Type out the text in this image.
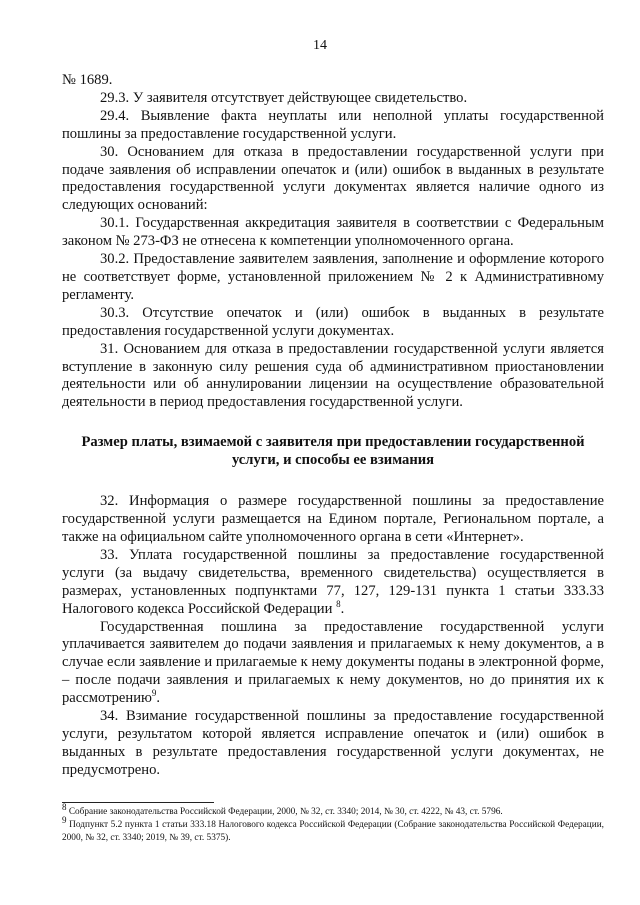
14

№ 1689.

29.3. У заявителя отсутствует действующее свидетельство.

29.4. Выявление факта неуплаты или неполной уплаты государственной пошлины за предоставление государственной услуги.

30. Основанием для отказа в предоставлении государственной услуги при подаче заявления об исправлении опечаток и (или) ошибок в выданных в результате предоставления государственной услуги документах является наличие одного из следующих оснований:

30.1. Государственная аккредитация заявителя в соответствии с Федеральным законом № 273-ФЗ не отнесена к компетенции уполномоченного органа.

30.2. Предоставление заявителем заявления, заполнение и оформление которого не соответствует форме, установленной приложением № 2 к Административному регламенту.

30.3. Отсутствие опечаток и (или) ошибок в выданных в результате предоставления государственной услуги документах.

31. Основанием для отказа в предоставлении государственной услуги является вступление в законную силу решения суда об административном приостановлении деятельности или об аннулировании лицензии на осуществление образовательной деятельности в период предоставления государственной услуги.

Размер платы, взимаемой с заявителя при предоставлении государственной услуги, и способы ее взимания

32. Информация о размере государственной пошлины за предоставление государственной услуги размещается на Едином портале, Региональном портале, а также на официальном сайте уполномоченного органа в сети «Интернет».

33. Уплата государственной пошлины за предоставление государственной услуги (за выдачу свидетельства, временного свидетельства) осуществляется в размерах, установленных подпунктами 77, 127, 129-131 пункта 1 статьи 333.33 Налогового кодекса Российской Федерации $^8$.

Государственная пошлина за предоставление государственной услуги уплачивается заявителем до подачи заявления и прилагаемых к нему документов, а в случае если заявление и прилагаемые к нему документы поданы в электронной форме, – после подачи заявления и прилагаемых к нему документов, но до принятия их к рассмотрению$^9$.

34. Взимание государственной пошлины за предоставление государственной услуги, результатом которой является исправление опечаток и (или) ошибок в выданных в результате предоставления государственной услуги документах, не предусмотрено.

$^8$ Собрание законодательства Российской Федерации, 2000, № 32, ст. 3340; 2014, № 30, ст. 4222, № 43, ст. 5796.

$^9$ Подпункт 5.2 пункта 1 статьи 333.18 Налогового кодекса Российской Федерации (Собрание законодательства Российской Федерации, 2000, № 32, ст. 3340; 2019, № 39, ст. 5375).
